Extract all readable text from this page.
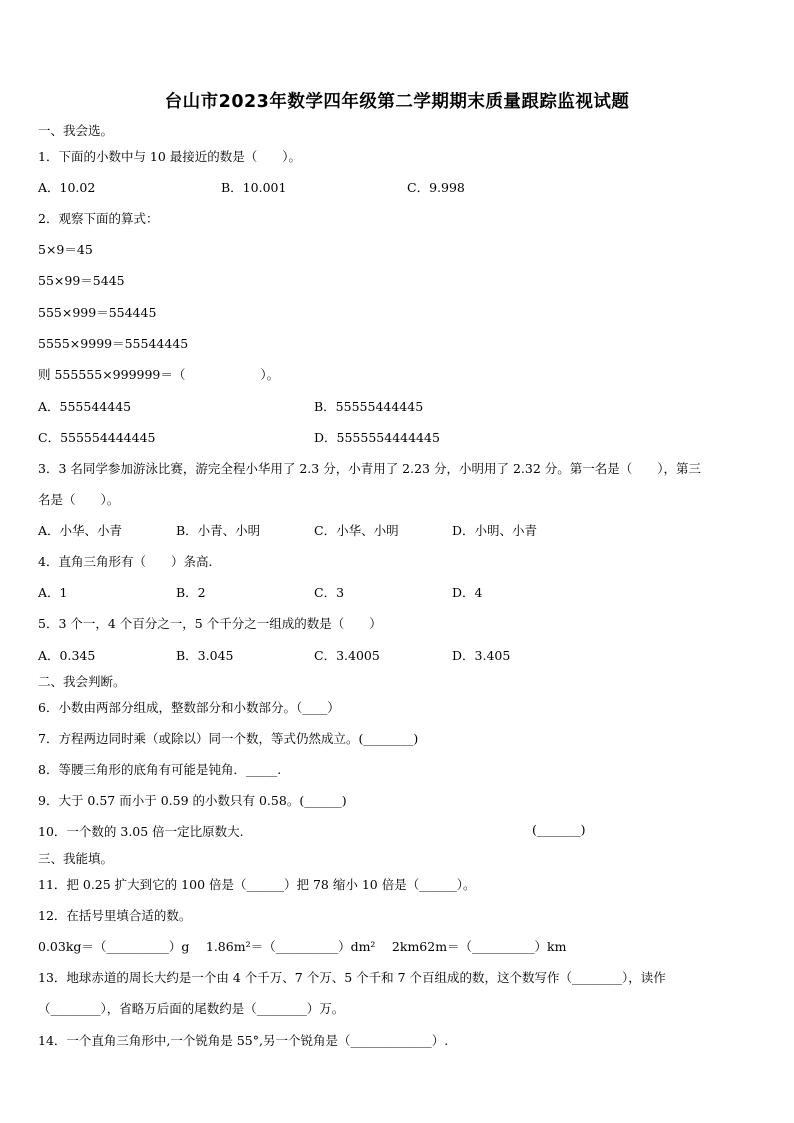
台山市2023年数学四年级第二学期期末质量跟踪监视试题
一、我会选。
1．下面的小数中与 10 最接近的数是（　　）。
A．10.02	B．10.001	C．9.998
2．观察下面的算式：
5×9＝45
55×99＝5445
555×999＝554445
5555×9999＝55544445
则 555555×999999＝（　　　　　　）。
A．555544445	B．55555444445
C．555554444445	D．5555554444445
3．3 名同学参加游泳比赛，游完全程小华用了 2.3 分，小青用了 2.23 分，小明用了 2.32 分。第一名是（　　），第三
名是（　　）。
A．小华、小青	B．小青、小明	C．小华、小明	D．小明、小青
4．直角三角形有（　　）条高.
A．1	B．2	C．3	D．4
5．3 个一，4 个百分之一，5 个千分之一组成的数是（　　）
A．0.345	B．3.045	C．3.4005	D．3.405
二、我会判断。
6．小数由两部分组成，整数部分和小数部分。（____）
7．方程两边同时乘（或除以）同一个数，等式仍然成立。(________)
8．等腰三角形的底角有可能是钝角．_____.
9．大于 0.57 而小于 0.59 的小数只有 0.58。(______)
10．一个数的 3.05 倍一定比原数大.	(_______)
三、我能填。
11．把 0.25 扩大到它的 100 倍是（______）把 78 缩小 10 倍是（______）。
12．在括号里填合适的数。
0.03kg＝（__________）g　 1.86m²＝（__________）dm²　 2km62m＝（__________）km
13．地球赤道的周长大约是一个由 4 个千万、7 个万、5 个千和 7 个百组成的数，这个数写作（________），读作
（________），省略万后面的尾数约是（________）万。
14．一个直角三角形中,一个锐角是 55°,另一个锐角是（_____________）.
